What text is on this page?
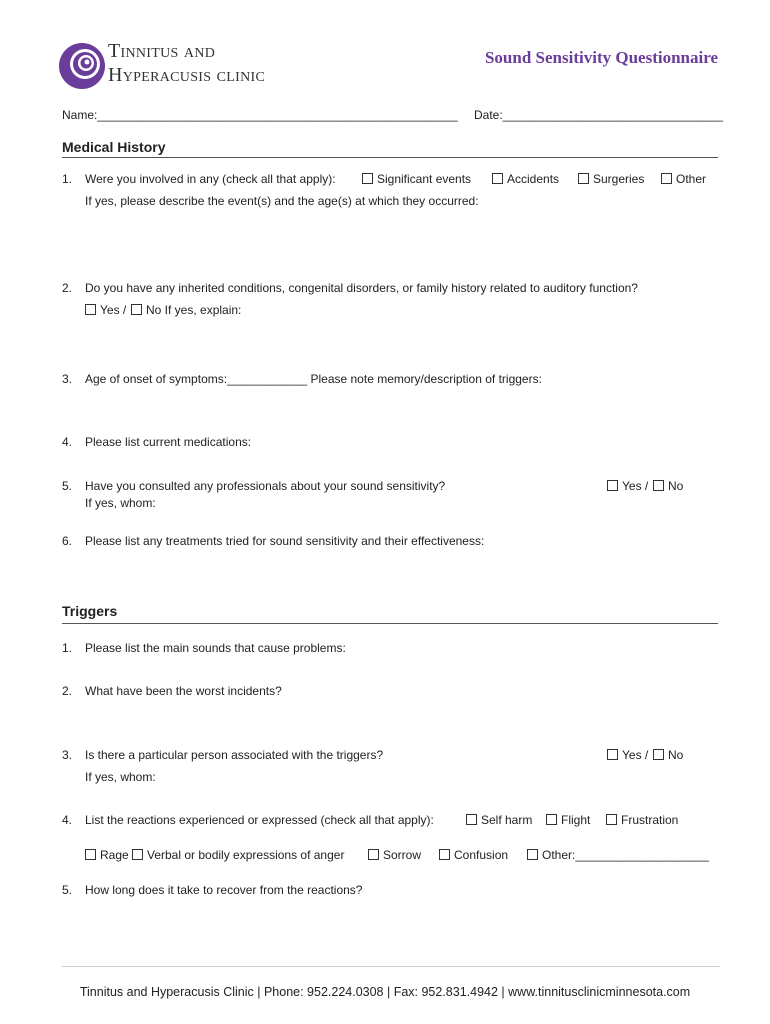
Tinnitus and
Hyperacusis clinic
Sound Sensitivity Questionnaire
Name:______________________________________________________ Date:_________________________________
Medical History
1. Were you involved in any (check all that apply):	Significant events	Accidents	Surgeries	Other
If yes, please describe the event(s) and the age(s) at which they occurred:
2. Do you have any inherited conditions, congenital disorders, or family history related to auditory function?
Yes /	No If yes, explain:
3. Age of onset of symptoms:____________ Please note memory/description of triggers:
4. Please list current medications:
5. Have you consulted any professionals about your sound sensitivity?	Yes /	No
If yes, whom:
6. Please list any treatments tried for sound sensitivity and their effectiveness:
Triggers
1. Please list the main sounds that cause problems:
2. What have been the worst incidents?
3. Is there a particular person associated with the triggers?	Yes /	No
If yes, whom:
4. List the reactions experienced or expressed (check all that apply):	Self harm	Flight	Frustration
Rage	Verbal or bodily expressions of anger	Sorrow	Confusion	Other:____________________
5. How long does it take to recover from the reactions?
Tinnitus and Hyperacusis Clinic | Phone: 952.224.0308 | Fax: 952.831.4942 | www.tinnitusclinicminnesota.com
